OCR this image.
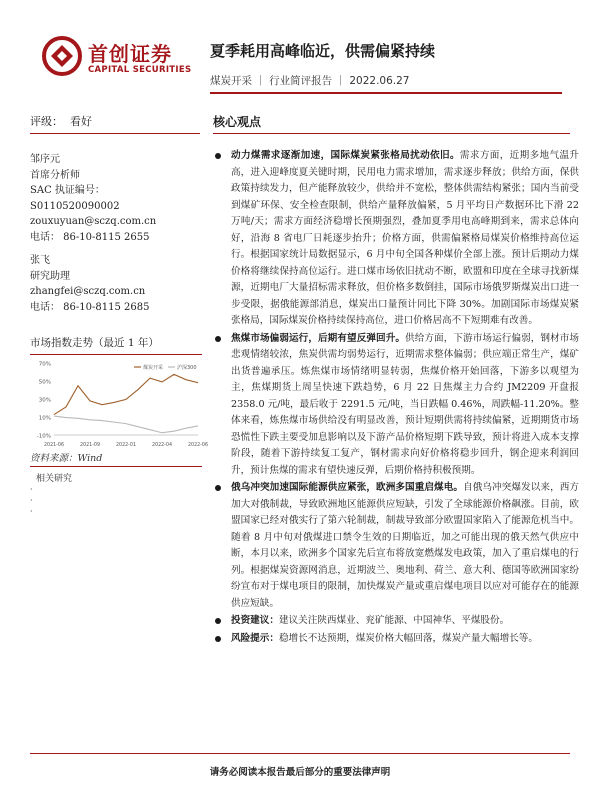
首创证券
CAPITAL SECURITIES
夏季耗用高峰临近，供需偏紧持续
煤炭开采 ｜ 行业简评报告 ｜ 2022.06.27
评级： 看好	核心观点
邹序元
首席分析师
SAC 执证编号：
S0110520090002
zouxuyuan@sczq.com.cn
电话： 86-10-8115 2655
张飞
研究助理
zhangfei@sczq.com.cn
电话： 86-10-8115 2685
市场指数走势（最近 1 年）
70%
50%
30%
10%
-10%
2021-06	2021-09	2022-01	2022-04	2022-06
煤炭开采	沪深300
资料来源：Wind
相关研究
·
·
·
动力煤需求逐渐加速，国际煤炭紧张格局扰动依旧。需求方面，近期多地气温升高，进入迎峰度夏关键时期，民用电力需求增加，需求逐步释放；供给方面，保供政策持续发力，但产能释放较少，供给并不宽松，整体供需结构紧张；国内当前受到煤矿环保、安全检查限制，供给产量释放偏紧，5 月平均日产数据环比下滑 22 万吨/天；需求方面经济稳增长预期强烈，叠加夏季用电高峰期到来，需求总体向好，沿海 8 省电厂日耗逐步抬升；价格方面，供需偏紧格局煤炭价格维持高位运行。根据国家统计局数据显示，6 月中旬全国各种煤价全部上涨。预计后期动力煤价格将继续保持高位运行。进口煤市场依旧扰动不断，欧盟和印度在全球寻找新煤源，近期电厂大量招标需求释放，但价格多数倒挂，国际市场俄罗斯煤炭出口进一步受限，据俄能源部消息，煤炭出口量预计同比下降 30%。加剧国际市场煤炭紧张格局，国际煤炭价格持续保持高位，进口价格居高不下短期难有改善。
焦煤市场偏弱运行，后期有望反弹回升。供给方面，下游市场运行偏弱，钢材市场悲观情绪较浓，焦炭供需均弱势运行，近期需求整体偏弱；供应端正常生产，煤矿出货普遍承压。炼焦煤市场情绪明显转弱，焦煤价格开始回落，下游多以观望为主，焦煤期货上周呈快速下跌趋势，6 月 22 日焦煤主力合约 JM2209 开盘报 2358.0 元/吨，最后收于 2291.5 元/吨，当日跌幅 0.46%，周跌幅-11.20%。整体来看，炼焦煤市场供给没有明显改善，预计短期供需将持续偏紧，近期期货市场恐慌性下跌主要受加息影响以及下游产品价格短期下跌导致，预计将进入成本支撑阶段，随着下游持续复工复产，钢材需求向好价格将稳步回升，钢企迎来利润回升，预计焦煤的需求有望快速反弹，后期价格持积极预期。
俄乌冲突加速国际能源供应紧张，欧洲多国重启煤电。自俄乌冲突爆发以来，西方加大对俄制裁，导致欧洲地区能源供应短缺，引发了全球能源价格飙涨。目前，欧盟国家已经对俄实行了第六轮制裁，制裁导致部分欧盟国家陷入了能源危机当中。随着 8 月中旬对俄煤进口禁令生效的日期临近，加之可能出现的俄天然气供应中断，本月以来，欧洲多个国家先后宣布将放宽燃煤发电政策，加入了重启煤电的行列。根据煤炭资源网消息，近期波兰、奥地利、荷兰、意大利、德国等欧洲国家纷纷宣布对于煤电项目的限制，加快煤炭产量或重启煤电项目以应对可能存在的能源供应短缺。
投资建议：建议关注陕西煤业、兖矿能源、中国神华、平煤股份。
风险提示：稳增长不达预期，煤炭价格大幅回落，煤炭产量大幅增长等。
请务必阅读本报告最后部分的重要法律声明
